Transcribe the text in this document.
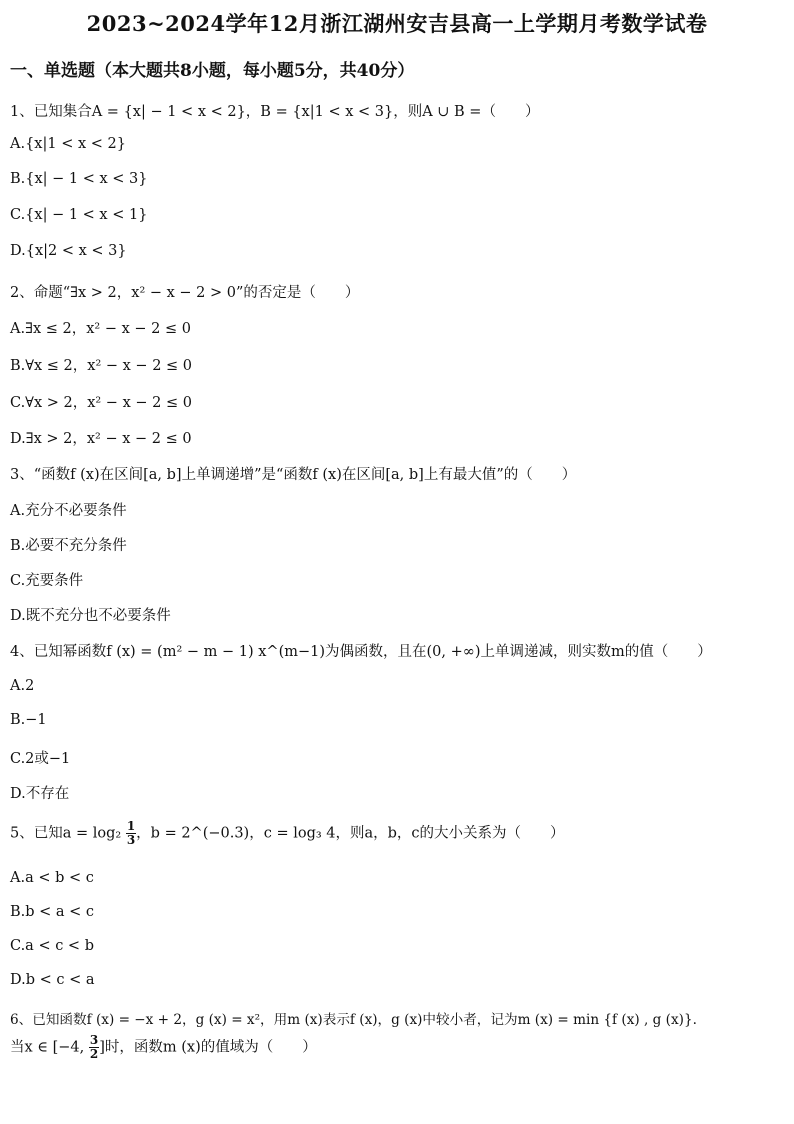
2023~2024学年12月浙江湖州安吉县高一上学期月考数学试卷
一、单选题（本大题共8小题，每小题5分，共40分）
1、已知集合A = {x| − 1 < x < 2}，B = {x|1 < x < 3}，则A ∪ B =（　　）
A.{x|1 < x < 2}
B.{x| − 1 < x < 3}
C.{x| − 1 < x < 1}
D.{x|2 < x < 3}
2、命题“∃x > 2，x² − x − 2 > 0”的否定是（　　）
A.∃x ≤ 2，x² − x − 2 ≤ 0
B.∀x ≤ 2，x² − x − 2 ≤ 0
C.∀x > 2，x² − x − 2 ≤ 0
D.∃x > 2，x² − x − 2 ≤ 0
3、“函数f (x)在区间[a, b]上单调递增”是“函数f (x)在区间[a, b]上有最大值”的（　　）
A.充分不必要条件
B.必要不充分条件
C.充要条件
D.既不充分也不必要条件
4、已知幂函数f (x) = (m² − m − 1) x^(m−1)为偶函数，且在(0, +∞)上单调递减，则实数m的值（　　）
A.2
B.−1
C.2或−1
D.不存在
5、已知$a = \log_2 \frac{1}{3}$ ，b = 2^(−0.3)，c = log₃ 4，则a，b，c的大小关系为（　　）
A.a < b < c
B.b < a < c
C.a < c < b
D.b < c < a
6、已知函数f (x) = −x + 2，g (x) = x²，用m (x)表示f (x)，g (x)中较小者，记为m (x) = min {f (x) , g (x)}.
当x ∈ [−4, $\frac{3}{2}$ ]时，函数m (x)的值域为（　　）
